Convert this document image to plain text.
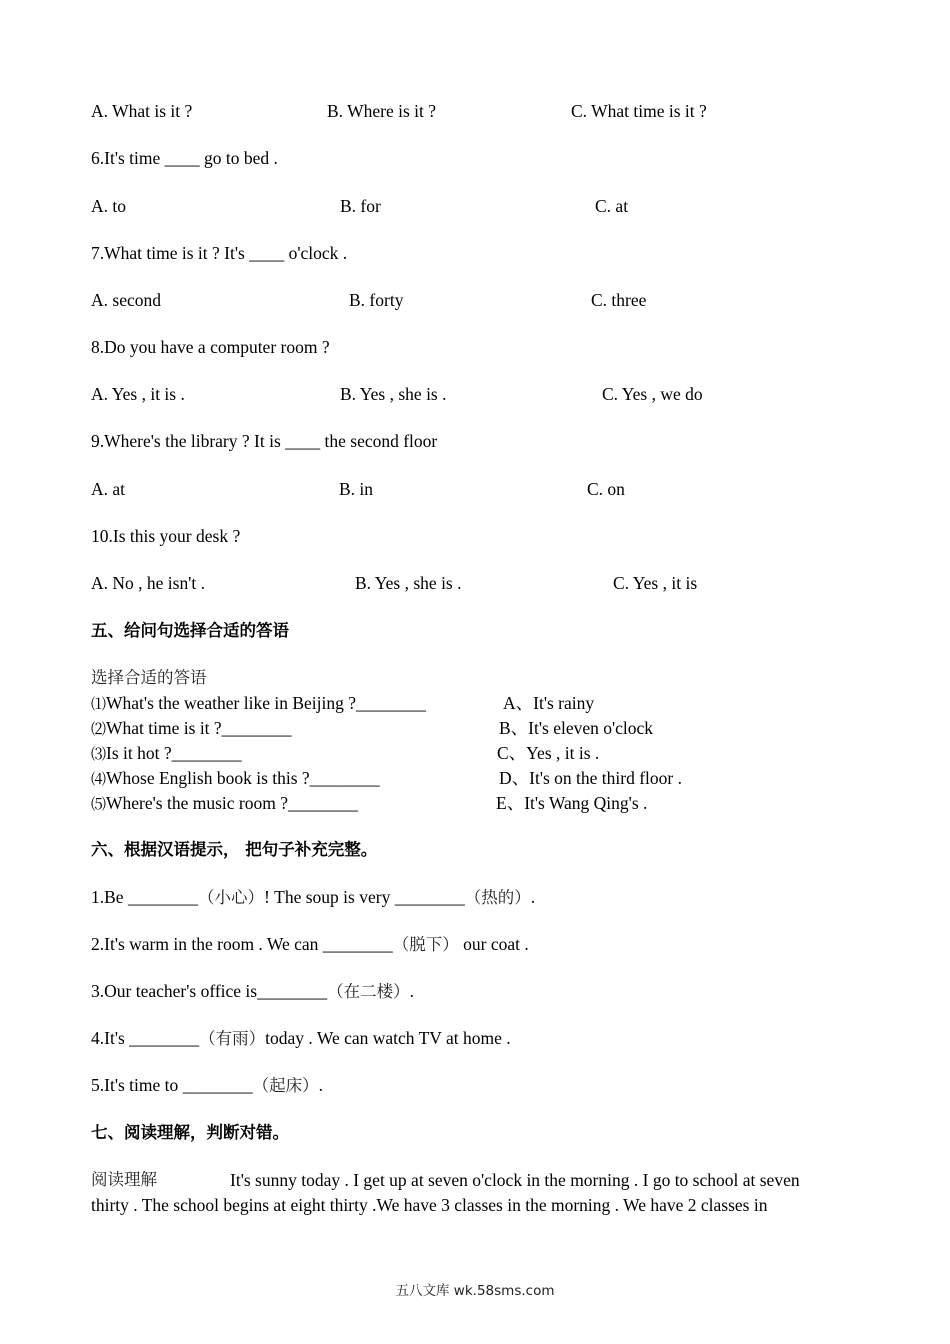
A. What is it ?	B. Where is it ?	C. What time is it ?
6.It's time ____ go to bed .
A. to	B. for	C. at
7.What time is it ? It's ____ o'clock .
A. second	B. forty	C. three
8.Do you have a computer room ?
A. Yes , it is .	B. Yes , she is .	C. Yes , we do
9.Where's the library ? It is ____ the second floor
A. at	B. in	C. on
10.Is this your desk ?
A. No , he isn't .	B. Yes , she is .	C. Yes , it is
五、给问句选择合适的答语
选择合适的答语
⑴What's the weather like in Beijing ?________	A、It's rainy
⑵What time is it ?________	B、It's eleven o'clock
⑶Is it hot ?________	C、Yes , it is .
⑷Whose English book is this ?________	D、It's on the third floor .
⑸Where's the music room ?________	E、It's Wang Qing's .
六、根据汉语提示， 把句子补充完整。
1.Be ________（小心）! The soup is very ________（热的）.
2.It's warm in the room . We can ________（脱下） our coat .
3.Our teacher's office is________（在二楼）.
4.It's ________（有雨）today . We can watch TV at home .
5.It's time to ________（起床）.
七、阅读理解，判断对错。
阅读理解	It's sunny today . I get up at seven o'clock in the morning . I go to school at seven
thirty . The school begins at eight thirty .We have 3 classes in the morning . We have 2 classes in
五八文库 wk.58sms.com
